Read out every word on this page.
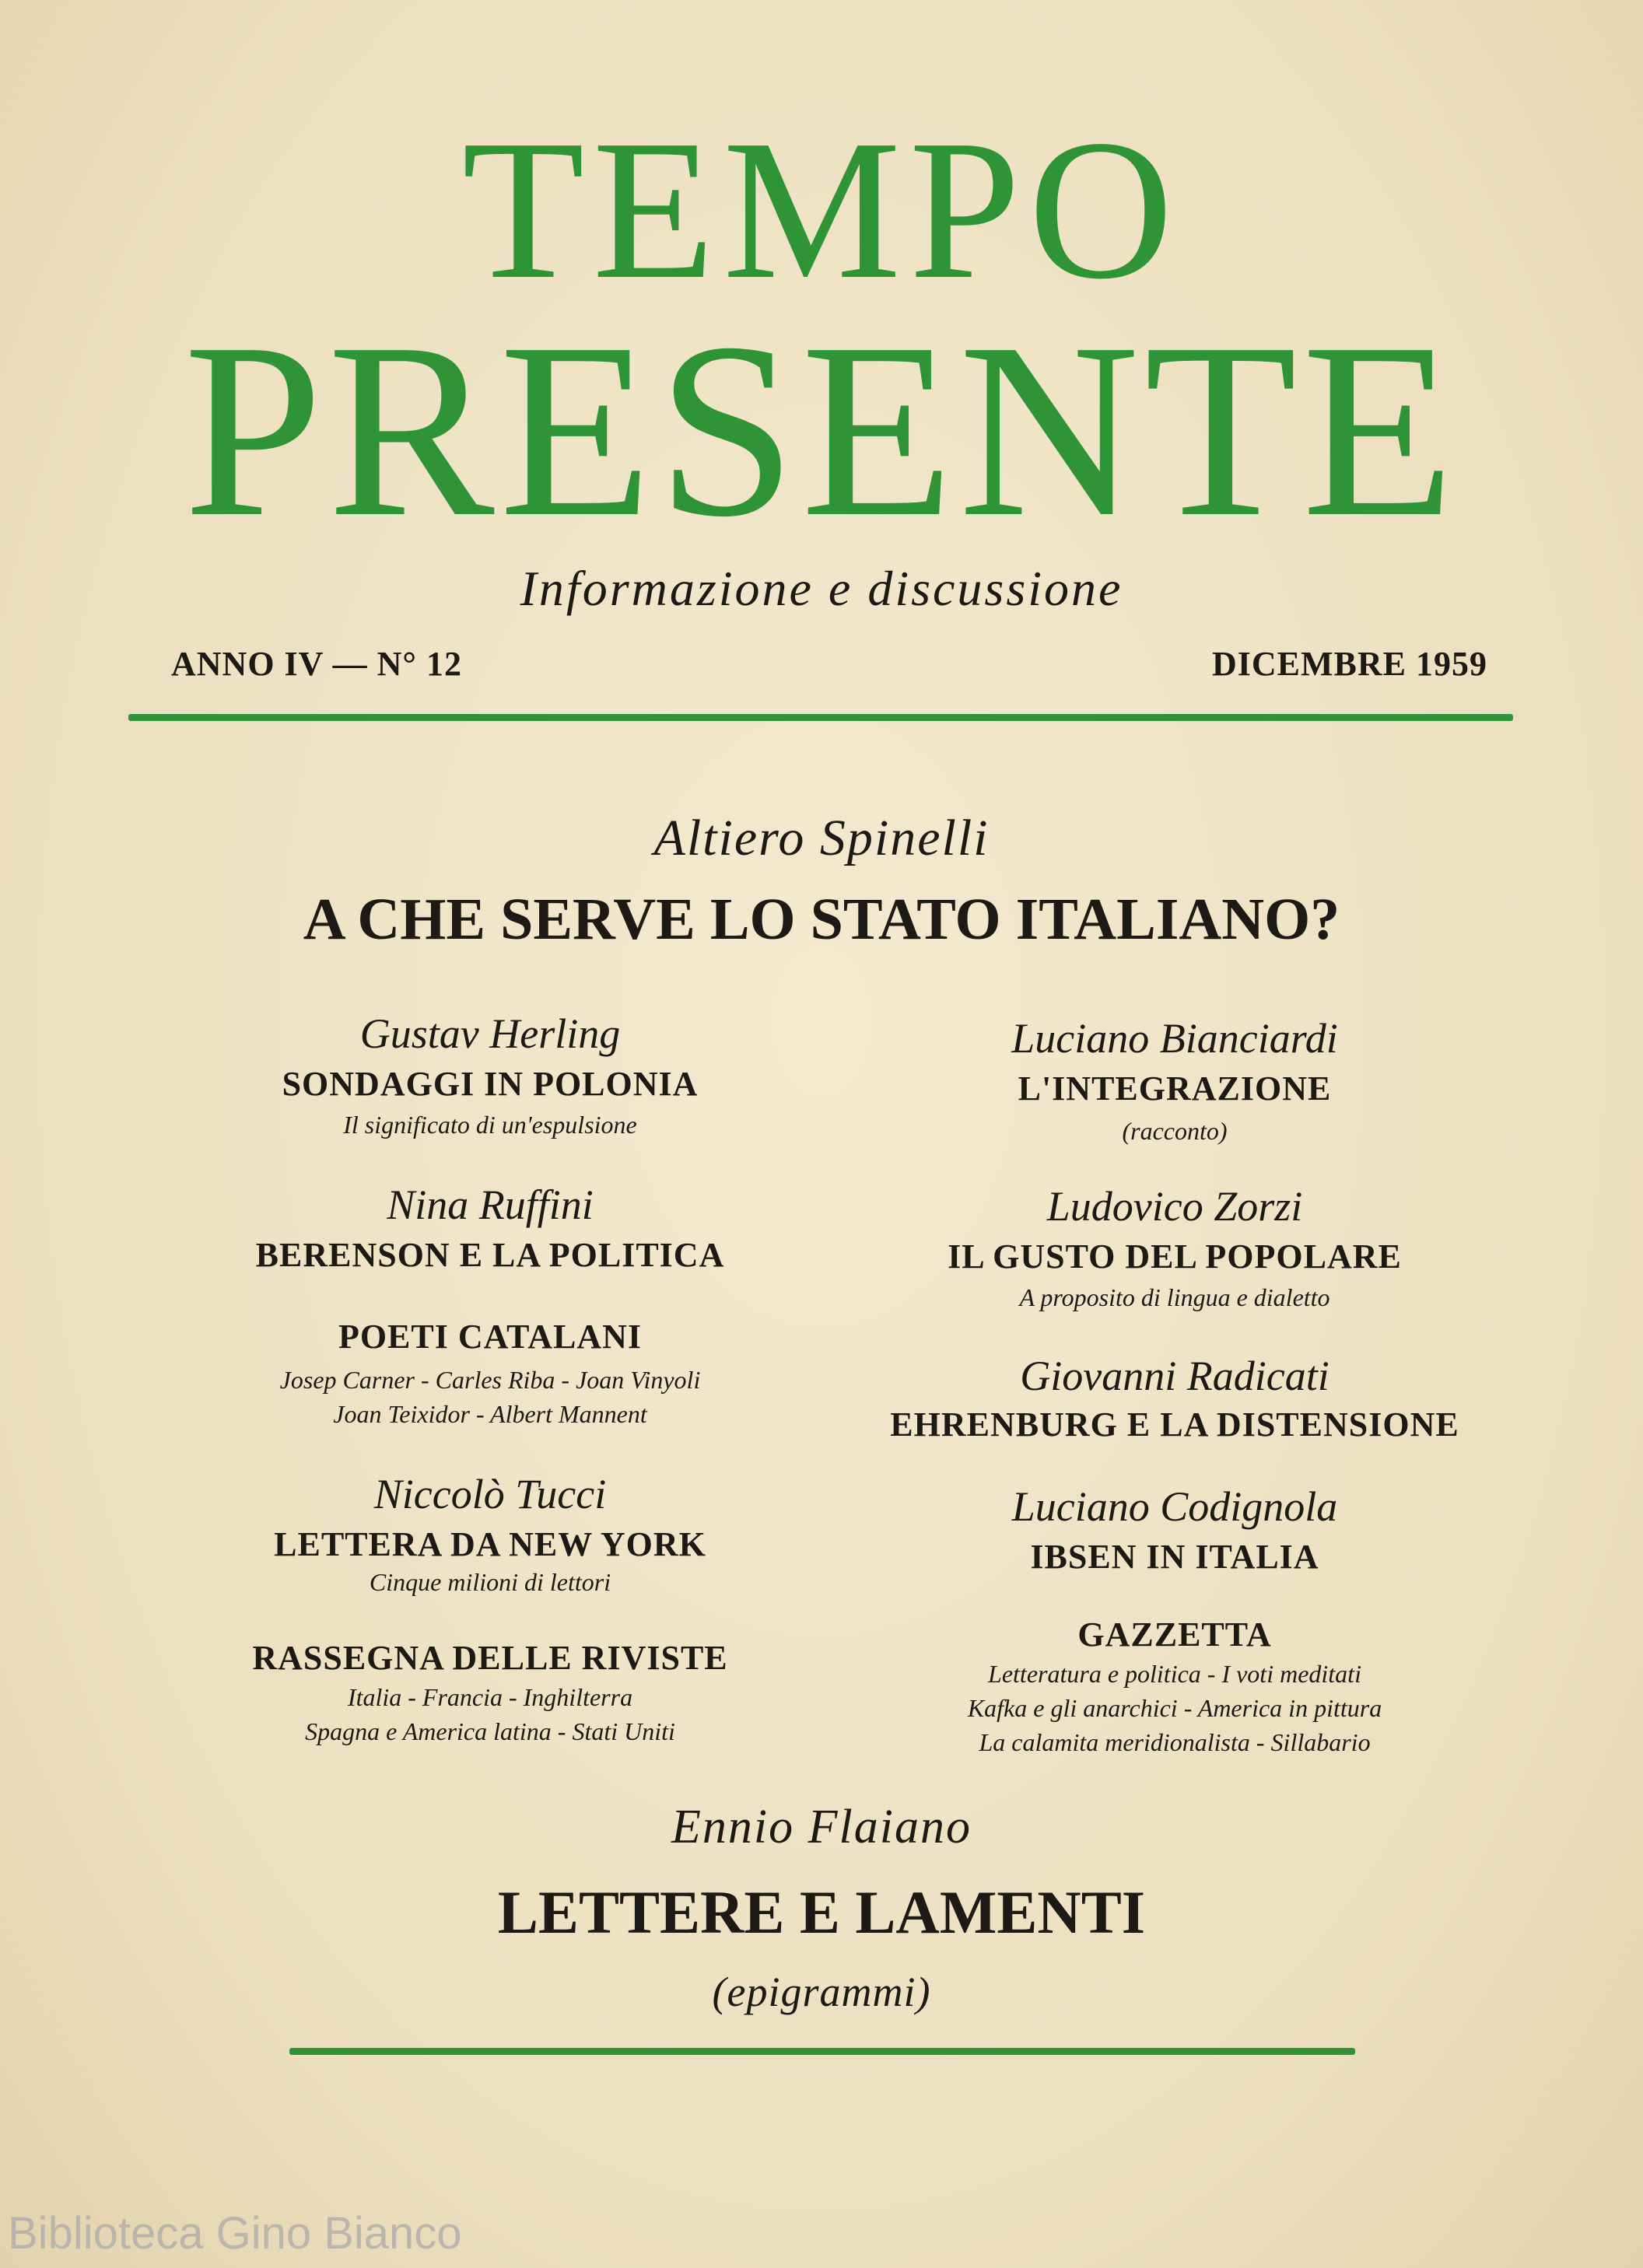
TEMPO
PRESENTE
Informazione e discussione
ANNO IV — N° 12	DICEMBRE 1959
Altiero Spinelli
A CHE SERVE LO STATO ITALIANO?
Gustav Herling
SONDAGGI IN POLONIA
Il significato di un'espulsione
Nina Ruffini
BERENSON E LA POLITICA
POETI CATALANI
Josep Carner - Carles Riba - Joan Vinyoli
Joan Teixidor - Albert Mannent
Niccolò Tucci
LETTERA DA NEW YORK
Cinque milioni di lettori
RASSEGNA DELLE RIVISTE
Italia - Francia - Inghilterra
Spagna e America latina - Stati Uniti
Luciano Bianciardi
L'INTEGRAZIONE
(racconto)
Ludovico Zorzi
IL GUSTO DEL POPOLARE
A proposito di lingua e dialetto
Giovanni Radicati
EHRENBURG E LA DISTENSIONE
Luciano Codignola
IBSEN IN ITALIA
GAZZETTA
Letteratura e politica - I voti meditati
Kafka e gli anarchici - America in pittura
La calamita meridionalista - Sillabario
Ennio Flaiano
LETTERE E LAMENTI
(epigrammi)
Biblioteca Gino Bianco
